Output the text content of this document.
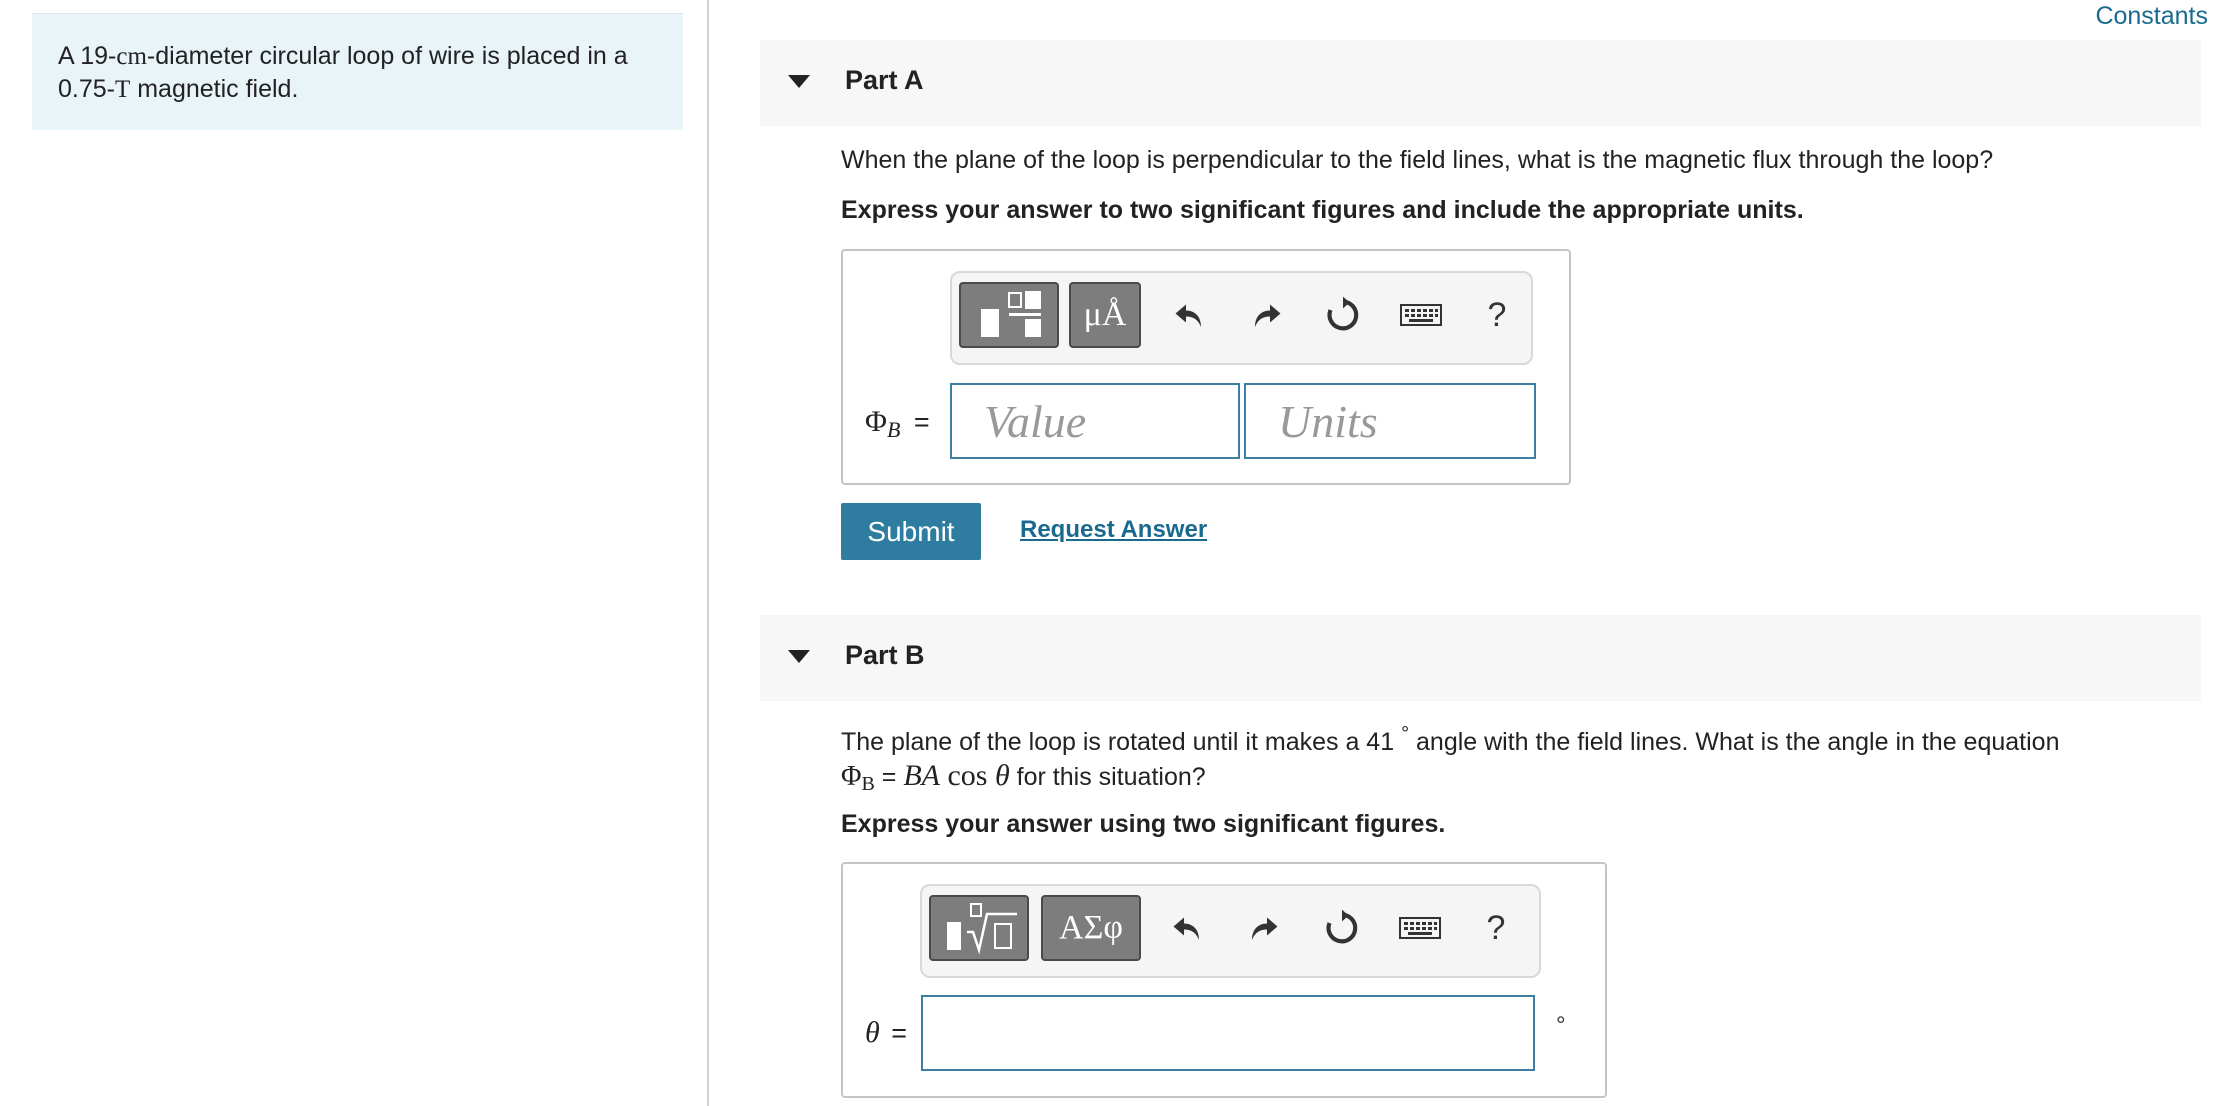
A 19-cm-diameter circular loop of wire is placed in a 0.75-T magnetic field.
Constants
Part A
When the plane of the loop is perpendicular to the field lines, what is the magnetic flux through the loop?
Express your answer to two significant figures and include the appropriate units.
μÅ	?
$\Phi_B$ =	Value	Units
Submit	Request Answer
Part B
The plane of the loop is rotated until it makes a 41 ° angle with the field lines. What is the angle in the equation
$\Phi_B$ = BA cos θ for this situation?
Express your answer using two significant figures.
ΑΣφ	?
θ =	°
